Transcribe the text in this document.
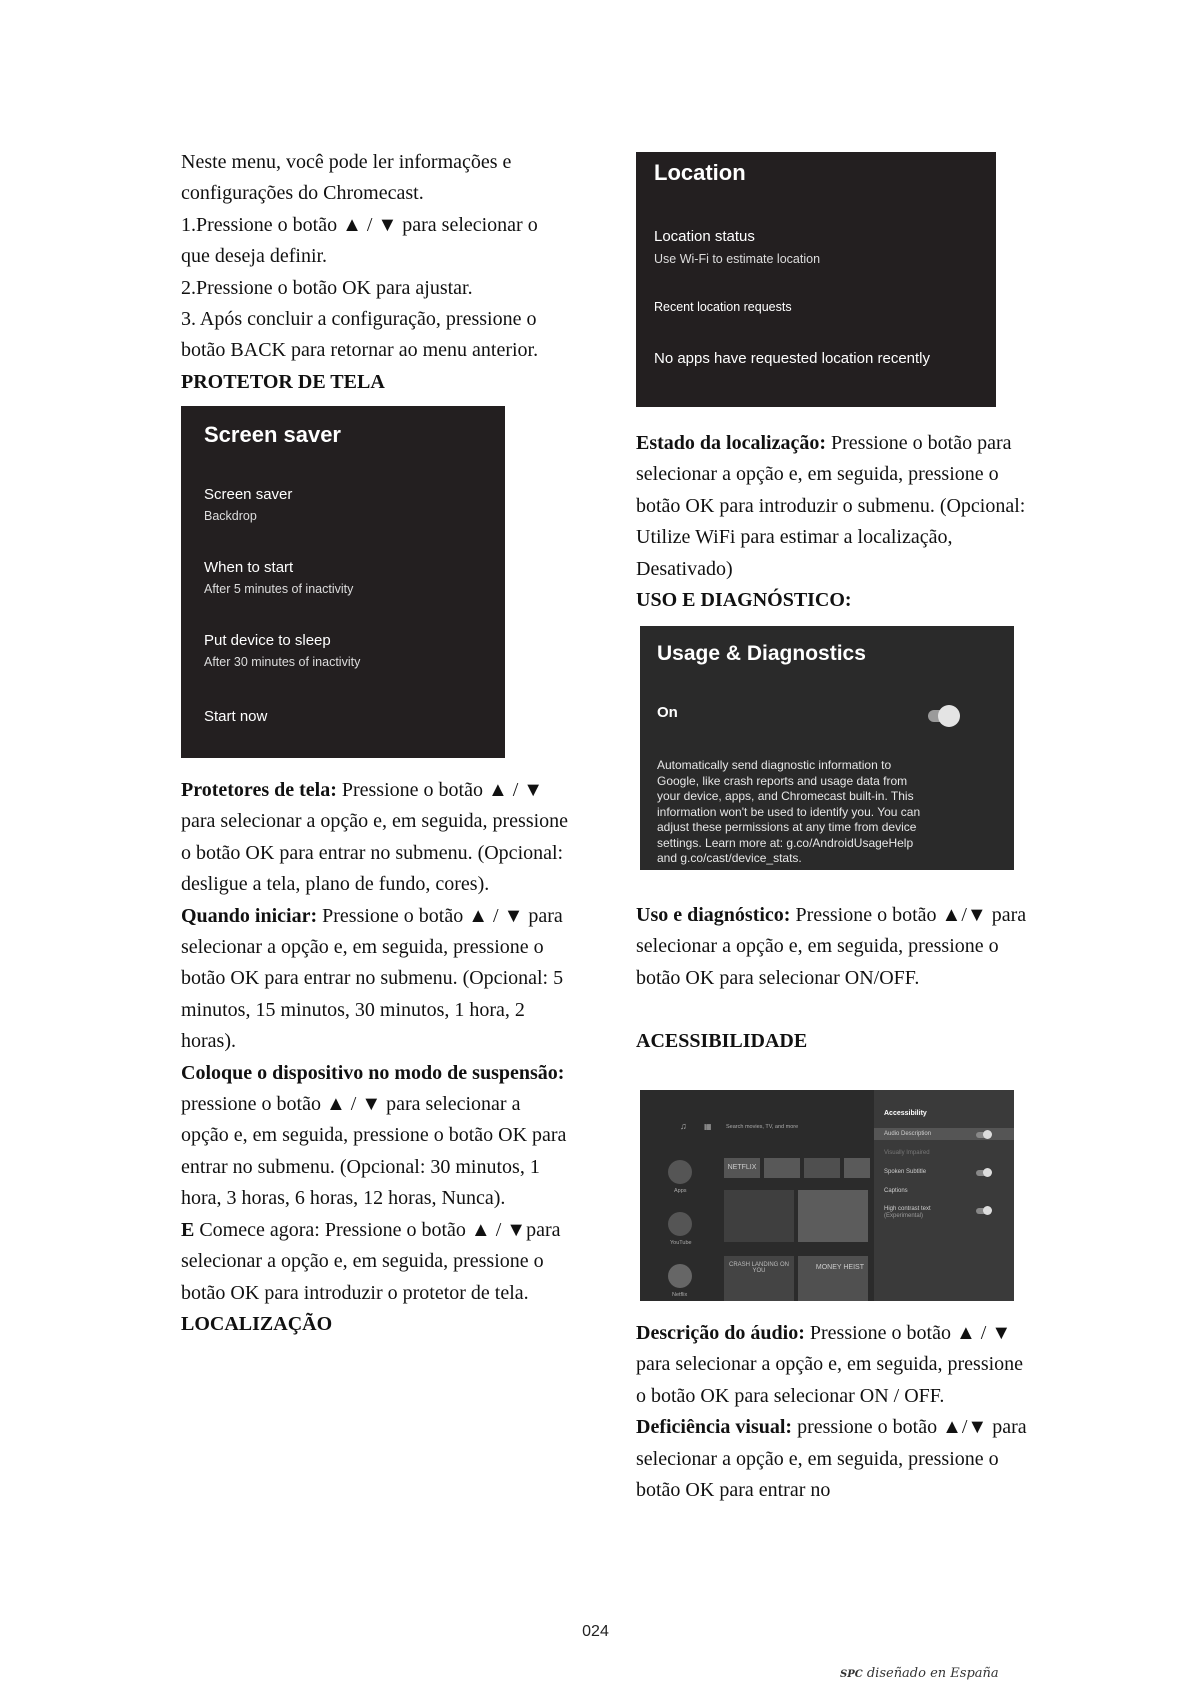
Neste menu, você pode ler informações e

configurações do Chromecast.

1.Pressione o botão ▲ / ▼ para selecionar o que deseja definir.

2.Pressione o botão OK para ajustar.

3. Após concluir a configuração, pressione o botão BACK para retornar ao menu anterior.

PROTETOR DE TELA

Screen saver
Screen saver
Backdrop
When to start
After 5 minutes of inactivity
Put device to sleep
After 30 minutes of inactivity
Start now

Protetores de tela: Pressione o botão ▲ / ▼ para selecionar a opção e, em seguida, pressione o botão OK para entrar no submenu. (Opcional: desligue a tela, plano de fundo, cores).

Quando iniciar: Pressione o botão ▲ / ▼ para selecionar a opção e, em seguida, pressione o botão OK para entrar no submenu. (Opcional: 5 minutos, 15 minutos, 30 minutos, 1 hora, 2 horas).

Coloque o dispositivo no modo de suspensão: pressione o botão ▲ / ▼ para selecionar a opção e, em seguida, pressione o botão OK para entrar no submenu. (Opcional: 30 minutos, 1 hora, 3 horas, 6 horas, 12 horas, Nunca).

E Comece agora: Pressione o botão ▲ / ▼para selecionar a opção e, em seguida, pressione o botão OK para introduzir o protetor de tela.

LOCALIZAÇÃO

Location
Location status
Use Wi-Fi to estimate location
Recent location requests
No apps have requested location recently

Estado da localização: Pressione o botão para selecionar a opção e, em seguida, pressione o botão OK para introduzir o submenu. (Opcional: Utilize WiFi para estimar a localização, Desativado)

USO E DIAGNÓSTICO:

Usage & Diagnostics
On
Automatically send diagnostic information to
Google, like crash reports and usage data from
your device, apps, and Chromecast built-in. This
information won't be used to identify you. You can
adjust these permissions at any time from device
settings. Learn more at: g.co/AndroidUsageHelp
and g.co/cast/device_stats.

Uso e diagnóstico: Pressione o botão ▲/▼ para selecionar a opção e, em seguida, pressione o botão OK para selecionar ON/OFF.

ACESSIBILIDADE

♫ ▦	Search movies, TV, and more
Apps
YouTube
Netflix
NETFLIX
CRASH LANDING ON YOU	MONEY HEIST
Accessibility
Audio Description
Visually Impaired
Spoken Subtitle
Captions
High contrast text
(Experimental)

Descrição do áudio: Pressione o botão ▲ / ▼ para selecionar a opção e, em seguida, pressione o botão OK para selecionar ON / OFF.

Deficiência visual: pressione o botão ▲/▼ para selecionar a opção e, em seguida, pressione o botão OK para entrar no

024
SPC diseñado en España
